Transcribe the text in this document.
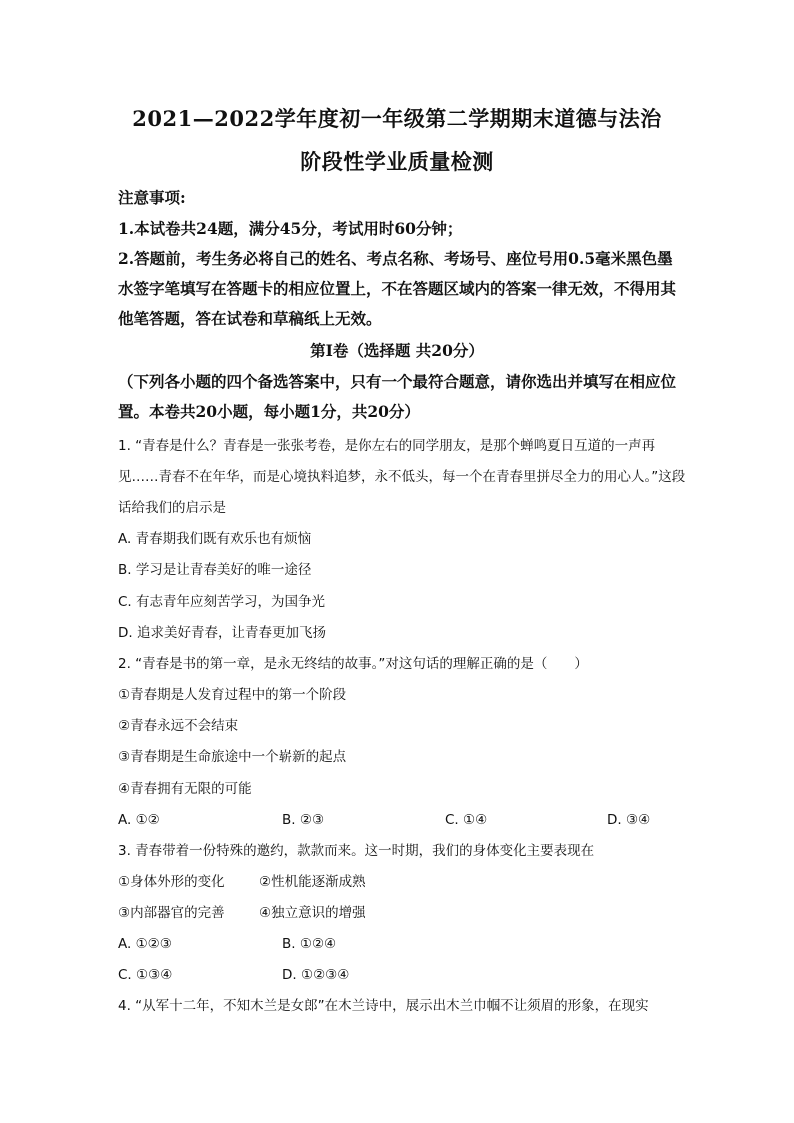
2021—2022学年度初一年级第二学期期末道德与法治
阶段性学业质量检测
注意事项:
1.本试卷共24题，满分45分，考试用时60分钟；
2.答题前，考生务必将自己的姓名、考点名称、考场号、座位号用0.5毫米黑色墨水签字笔填写在答题卡的相应位置上，不在答题区域内的答案一律无效，不得用其他笔答题，答在试卷和草稿纸上无效。
第Ⅰ卷（选择题 共20分）
（下列各小题的四个备选答案中，只有一个最符合题意，请你选出并填写在相应位置。本卷共20小题，每小题1分，共20分）
1. “青春是什么？青春是一张张考卷，是你左右的同学朋友，是那个蝉鸣夏日互道的一声再见……青春不在年华，而是心境执料追梦，永不低头，每一个在青春里拼尽全力的用心人。”这段话给我们的启示是
A. 青春期我们既有欢乐也有烦恼
B. 学习是让青春美好的唯一途径
C. 有志青年应刻苦学习，为国争光
D. 追求美好青春，让青春更加飞扬
2. “青春是书的第一章，是永无终结的故事。”对这句话的理解正确的是（　　）
①青春期是人发育过程中的第一个阶段
②青春永远不会结束
③青春期是生命旅途中一个崭新的起点
④青春拥有无限的可能
A. ①②	B. ②③	C. ①④	D. ③④
3. 青春带着一份特殊的邀约，款款而来。这一时期，我们的身体变化主要表现在
①身体外形的变化	②性机能逐渐成熟
③内部器官的完善	④独立意识的增强
A. ①②③	B. ①②④
C. ①③④	D. ①②③④
4. “从军十二年，不知木兰是女郎”在木兰诗中，展示出木兰巾帼不让须眉的形象，在现实
